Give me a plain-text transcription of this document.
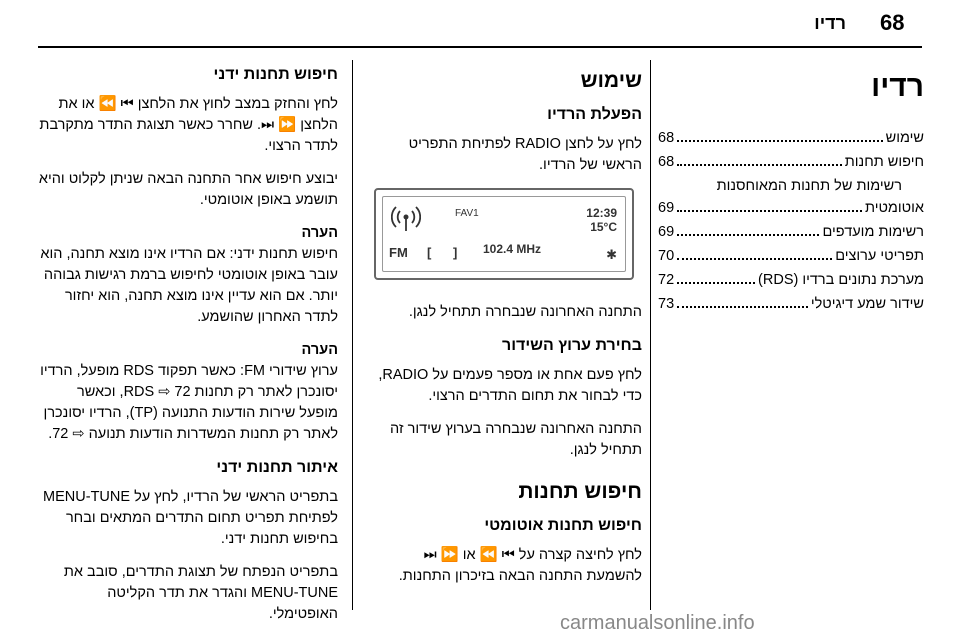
68
רדיו
רדיו
שימוש
68
חיפוש תחנות
68
רשימות של תחנות המאוחסנות
אוטומטית
69
רשימות מועדפים
69
תפריטי ערוצים
70
מערכת נתונים ברדיו (RDS)
72
שידור שמע דיגיטלי
73
שימוש
הפעלת הרדיו

לחץ על לחצן RADIO לפתיחת התפריט הראשי של הרדיו.

FAV1
102.4 MHz
12:39
15°C
FM [ ]	✱

התחנה האחרונה שנבחרה תתחיל לנגן.

בחירת ערוץ השידור

לחץ פעם אחת או מספר פעמים על RADIO, כדי לבחור את תחום התדרים הרצוי.

התחנה האחרונה שנבחרה בערוץ שידור זה תתחיל לנגן.

חיפוש תחנות
חיפוש תחנות אוטומטי

לחץ לחיצה קצרה על ⏮ ⏪ או ⏩ ⏭ להשמעת התחנה הבאה בזיכרון התחנות.

חיפוש תחנות ידני

לחץ והחזק במצב לחוץ את הלחצן ⏮ ⏪ או את הלחצן ⏩ ⏭. שחרר כאשר תצוגת התדר מתקרבת לתדר הרצוי.

יבוצע חיפוש אחר התחנה הבאה שניתן לקלוט והיא תושמע באופן אוטומטי.

הערה

חיפוש תחנות ידני: אם הרדיו אינו מוצא תחנה, הוא עובר באופן אוטומטי לחיפוש ברמת רגישות גבוהה יותר. אם הוא עדיין אינו מוצא תחנה, הוא יחזור לתדר האחרון שהושמע.

הערה

ערוץ שידורי FM: כאשר תפקוד RDS מופעל, הרדיו יסונכרן לאתר רק תחנות RDS ⇨ 72, וכאשר מופעל שירות הודעות התנועה (TP), הרדיו יסונכרן לאתר רק תחנות המשדרות הודעות תנועה ⇨ 72.

איתור תחנות ידני

בתפריט הראשי של הרדיו, לחץ על MENU-TUNE לפתיחת תפריט תחום התדרים המתאים ובחר בחיפוש תחנות ידני.

בתפריט הנפתח של תצוגת התדרים, סובב את MENU-TUNE והגדר את תדר הקליטה האופטימלי.	carmanualsonline.info
